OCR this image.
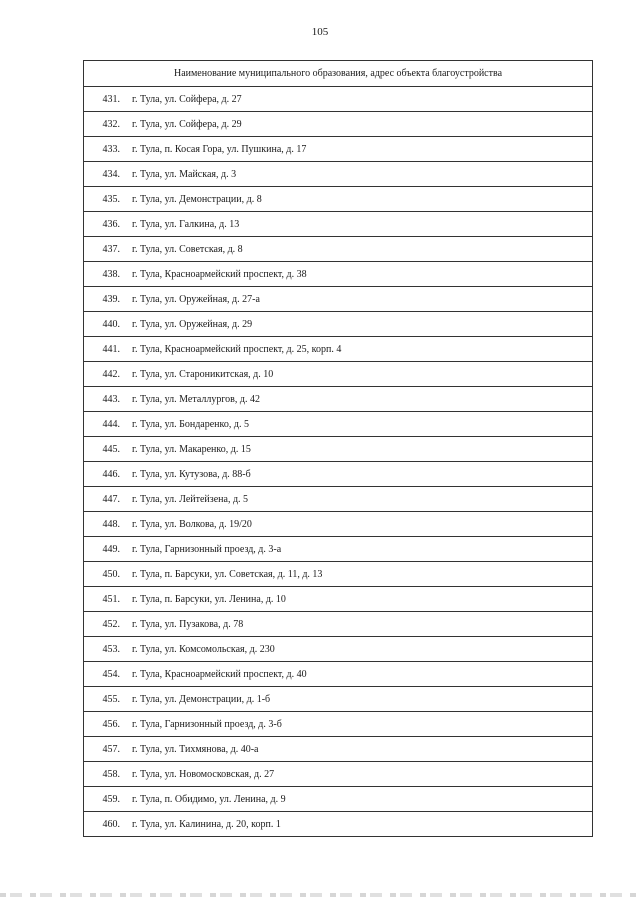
105
Наименование муниципального образования, адрес объекта благоустройства
431.	г. Тула, ул. Сойфера, д. 27
432.	г. Тула, ул. Сойфера, д. 29
433.	г. Тула, п. Косая Гора, ул. Пушкина, д. 17
434.	г. Тула, ул. Майская, д. 3
435.	г. Тула, ул. Демонстрации, д. 8
436.	г. Тула, ул. Галкина, д. 13
437.	г. Тула, ул. Советская, д. 8
438.	г. Тула, Красноармейский проспект, д. 38
439.	г. Тула, ул. Оружейная, д. 27-а
440.	г. Тула, ул. Оружейная, д. 29
441.	г. Тула, Красноармейский проспект, д. 25, корп. 4
442.	г. Тула, ул. Староникитская, д. 10
443.	г. Тула, ул. Металлургов, д. 42
444.	г. Тула, ул. Бондаренко, д. 5
445.	г. Тула, ул. Макаренко, д. 15
446.	г. Тула, ул. Кутузова, д. 88-б
447.	г. Тула, ул. Лейтейзена, д. 5
448.	г. Тула, ул. Волкова, д. 19/20
449.	г. Тула, Гарнизонный проезд, д. 3-а
450.	г. Тула, п. Барсуки, ул. Советская, д. 11, д. 13
451.	г. Тула, п. Барсуки, ул. Ленина, д. 10
452.	г. Тула, ул. Пузакова, д. 78
453.	г. Тула, ул. Комсомольская, д. 230
454.	г. Тула, Красноармейский проспект, д. 40
455.	г. Тула, ул. Демонстрации, д. 1-б
456.	г. Тула, Гарнизонный проезд, д. 3-б
457.	г. Тула, ул. Тихмянова, д. 40-а
458.	г. Тула, ул. Новомосковская, д. 27
459.	г. Тула, п. Обидимо, ул. Ленина, д. 9
460.	г. Тула, ул. Калинина, д. 20, корп. 1
